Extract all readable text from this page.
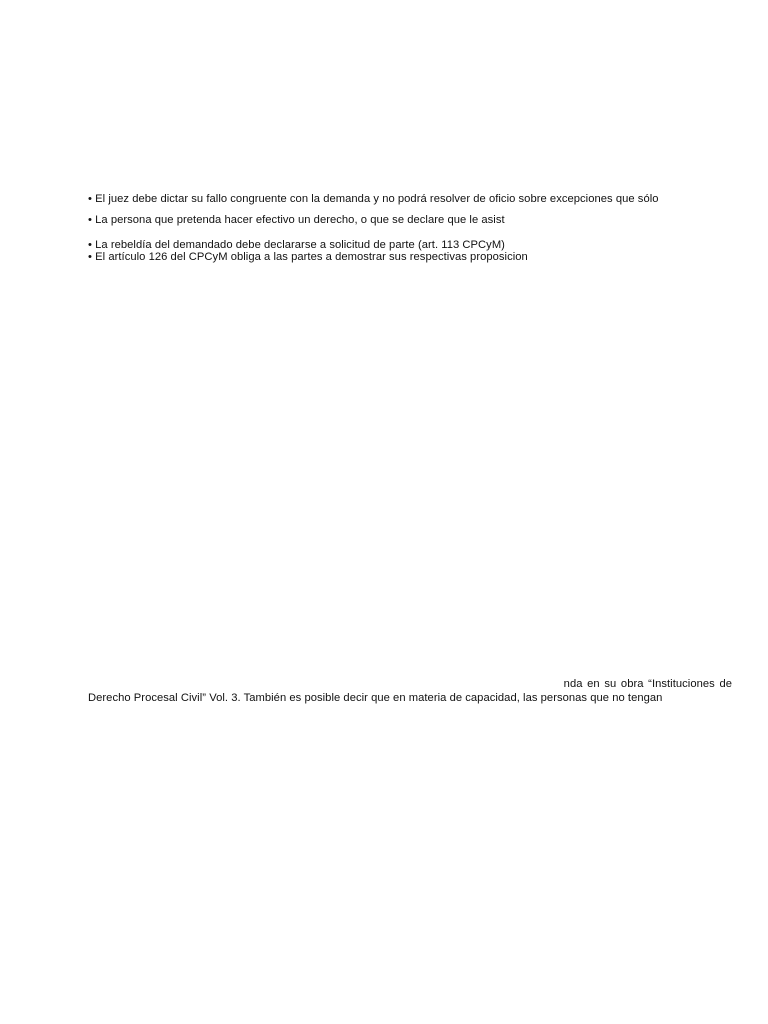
• El juez debe dictar su fallo congruente con la demanda y no podrá resolver de oficio sobre excepciones que sólo
• La persona que pretenda hacer efectivo un derecho, o que se declare que le asist
• La rebeldía del demandado debe declararse a solicitud de parte (art. 113 CPCyM)
• El artículo 126 del CPCyM obliga a las partes a demostrar sus respectivas proposicion
nda en su obra “Instituciones de
Derecho Procesal Civil” Vol. 3. También es posible decir que en materia de capacidad, las personas que no tengan
